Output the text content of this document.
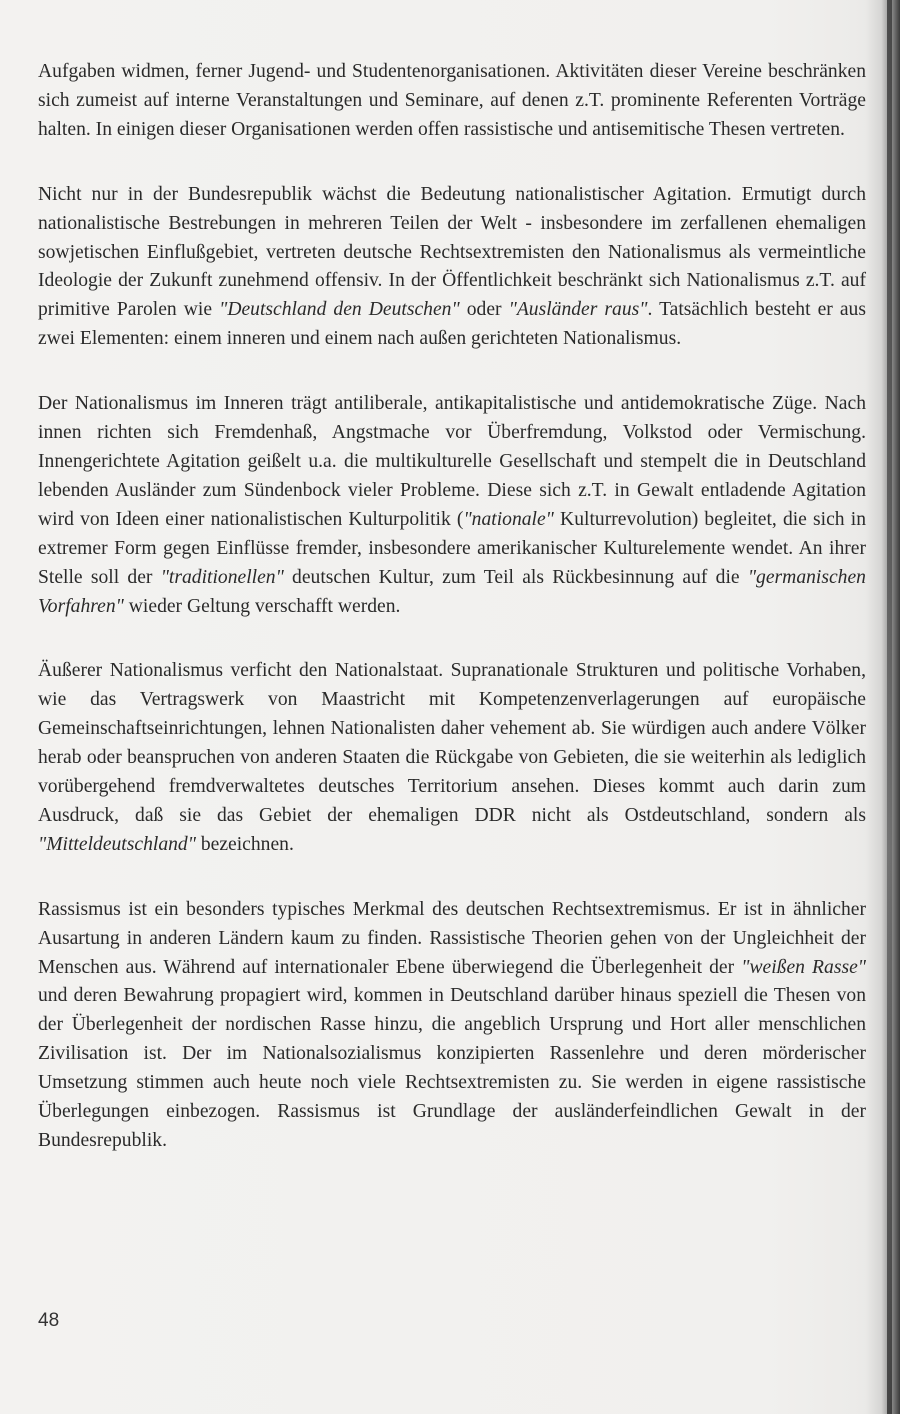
Aufgaben widmen, ferner Jugend- und Studentenorganisationen. Aktivitäten dieser Vereine beschränken sich zumeist auf interne Veranstaltungen und Seminare, auf denen z.T. prominente Referenten Vorträge halten. In einigen dieser Organisationen werden offen rassistische und antisemitische Thesen vertreten.

Nicht nur in der Bundesrepublik wächst die Bedeutung nationalistischer Agitation. Ermutigt durch nationalistische Bestrebungen in mehreren Teilen der Welt - insbesondere im zerfallenen ehemaligen sowjetischen Einflußgebiet, vertreten deutsche Rechtsextremisten den Nationalismus als vermeintliche Ideologie der Zukunft zunehmend offensiv. In der Öffentlichkeit beschränkt sich Nationalismus z.T. auf primitive Parolen wie "Deutschland den Deutschen" oder "Ausländer raus". Tatsächlich besteht er aus zwei Elementen: einem inneren und einem nach außen gerichteten Nationalismus.

Der Nationalismus im Inneren trägt antiliberale, antikapitalistische und antidemokratische Züge. Nach innen richten sich Fremdenhaß, Angstmache vor Überfremdung, Volkstod oder Vermischung. Innengerichtete Agitation geißelt u.a. die multikulturelle Gesellschaft und stempelt die in Deutschland lebenden Ausländer zum Sündenbock vieler Probleme. Diese sich z.T. in Gewalt entladende Agitation wird von Ideen einer nationalistischen Kulturpolitik ("nationale" Kulturrevolution) begleitet, die sich in extremer Form gegen Einflüsse fremder, insbesondere amerikanischer Kulturelemente wendet. An ihrer Stelle soll der "traditionellen" deutschen Kultur, zum Teil als Rückbesinnung auf die "germanischen Vorfahren" wieder Geltung verschafft werden.

Äußerer Nationalismus verficht den Nationalstaat. Supranationale Strukturen und politische Vorhaben, wie das Vertragswerk von Maastricht mit Kompetenzenverlagerungen auf europäische Gemeinschaftseinrichtungen, lehnen Nationalisten daher vehement ab. Sie würdigen auch andere Völker herab oder beanspruchen von anderen Staaten die Rückgabe von Gebieten, die sie weiterhin als lediglich vorübergehend fremdverwaltetes deutsches Territorium ansehen. Dieses kommt auch darin zum Ausdruck, daß sie das Gebiet der ehemaligen DDR nicht als Ostdeutschland, sondern als "Mitteldeutschland" bezeichnen.

Rassismus ist ein besonders typisches Merkmal des deutschen Rechtsextremismus. Er ist in ähnlicher Ausartung in anderen Ländern kaum zu finden. Rassistische Theorien gehen von der Ungleichheit der Menschen aus. Während auf internationaler Ebene überwiegend die Überlegenheit der "weißen Rasse" und deren Bewahrung propagiert wird, kommen in Deutschland darüber hinaus speziell die Thesen von der Überlegenheit der nordischen Rasse hinzu, die angeblich Ursprung und Hort aller menschlichen Zivilisation ist. Der im Nationalsozialismus konzipierten Rassenlehre und deren mörderischer Umsetzung stimmen auch heute noch viele Rechtsextremisten zu. Sie werden in eigene rassistische Überlegungen einbezogen. Rassismus ist Grundlage der ausländerfeindlichen Gewalt in der Bundesrepublik.

48
